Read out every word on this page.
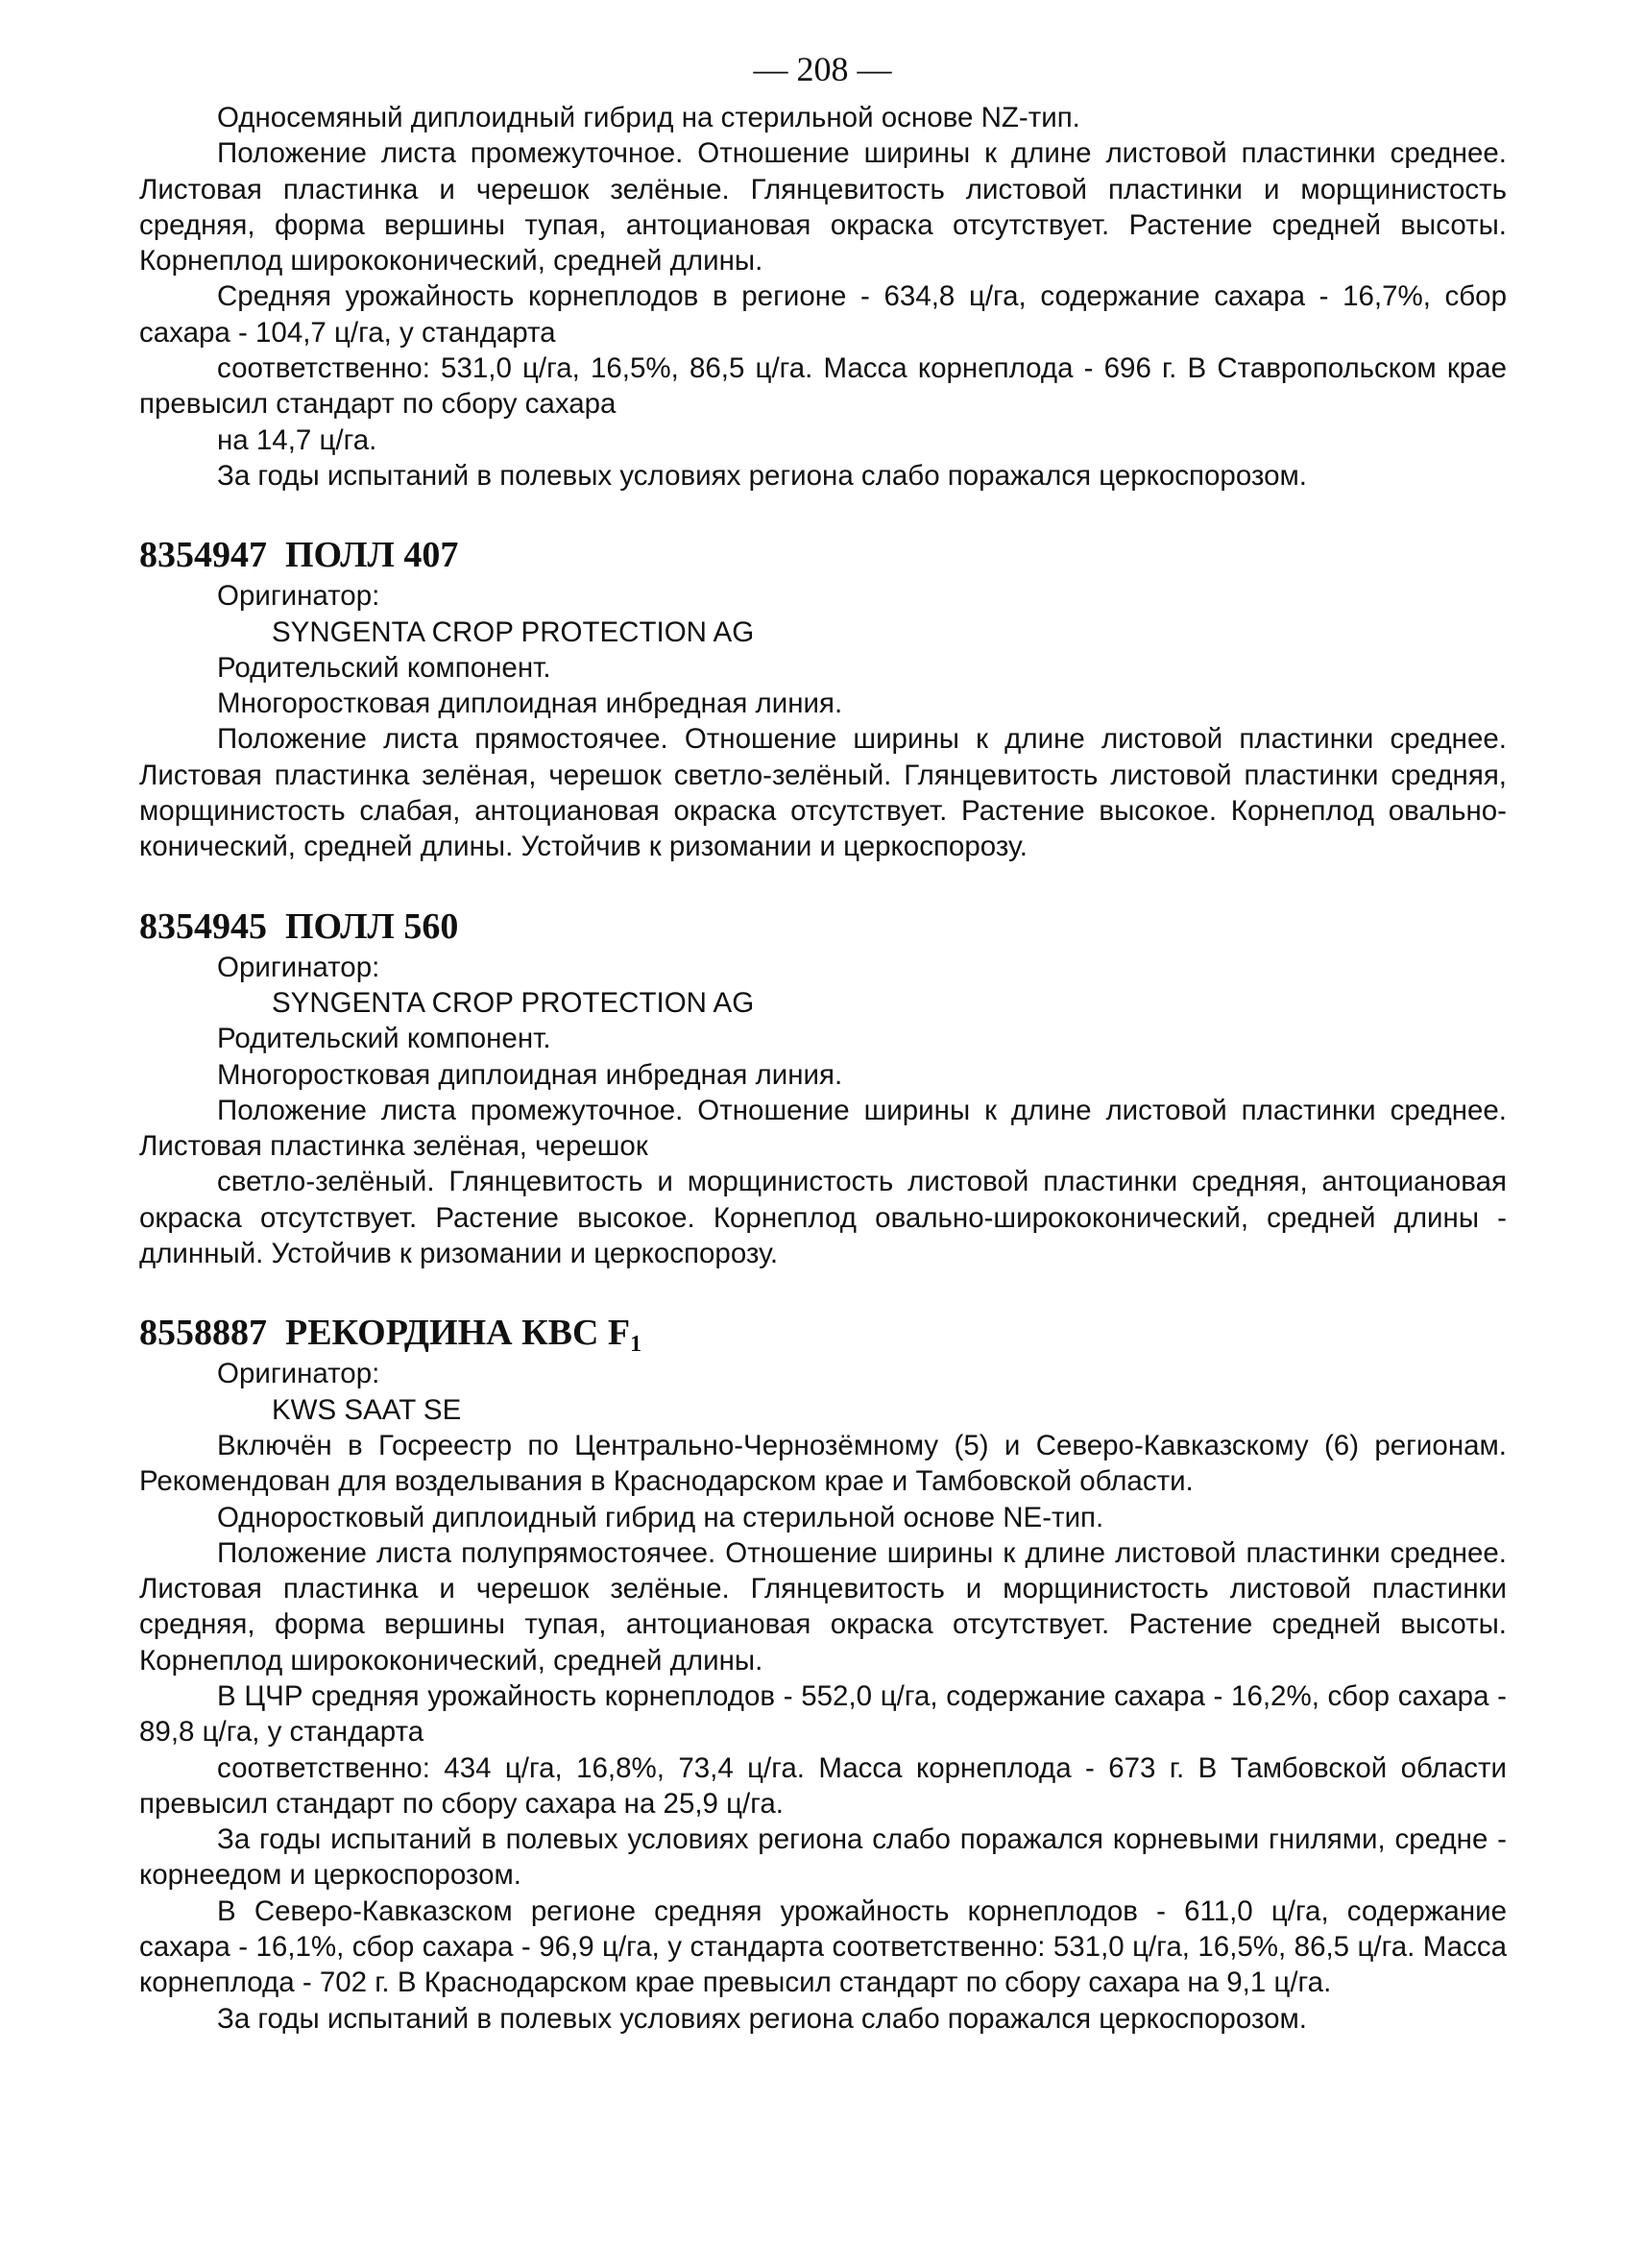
— 208 —

Односемяный диплоидный гибрид на стерильной основе NZ-тип.

Положение листа промежуточное. Отношение ширины к длине листовой пластинки среднее. Листовая пластинка и черешок зелёные. Глянцевитость листовой пластинки и морщинистость средняя, форма вершины тупая, антоциановая окраска отсутствует. Растение средней высоты. Корнеплод ширококонический, средней длины.

Средняя урожайность корнеплодов в регионе - 634,8 ц/га, содержание сахара - 16,7%, сбор сахара - 104,7 ц/га, у стандарта

соответственно: 531,0 ц/га, 16,5%, 86,5 ц/га. Масса корнеплода - 696 г. В Ставропольском крае превысил стандарт по сбору сахара

на 14,7 ц/га.

За годы испытаний в полевых условиях региона слабо поражался церкоспорозом.

8354947 ПОЛЛ 407

Оригинатор:

SYNGENTA CROP PROTECTION AG

Родительский компонент.

Многоростковая диплоидная инбредная линия.

Положение листа прямостоячее. Отношение ширины к длине листовой пластинки среднее. Листовая пластинка зелёная, черешок светло-зелёный. Глянцевитость листовой пластинки средняя, морщинистость слабая, антоциановая окраска отсутствует. Растение высокое. Корнеплод овально-конический, средней длины. Устойчив к ризомании и церкоспорозу.

8354945 ПОЛЛ 560

Оригинатор:

SYNGENTA CROP PROTECTION AG

Родительский компонент.

Многоростковая диплоидная инбредная линия.

Положение листа промежуточное. Отношение ширины к длине листовой пластинки среднее. Листовая пластинка зелёная, черешок

светло-зелёный. Глянцевитость и морщинистость листовой пластинки средняя, антоциановая окраска отсутствует. Растение высокое. Корнеплод овально-ширококонический, средней длины - длинный. Устойчив к ризомании и церкоспорозу.

8558887 РЕКОРДИНА КВС $F_1$

Оригинатор:

KWS SAAT SE

Включён в Госреестр по Центрально-Чернозёмному (5) и Северо-Кавказскому (6) регионам. Рекомендован для возделывания в Краснодарском крае и Тамбовской области.

Одноростковый диплоидный гибрид на стерильной основе NE-тип.

Положение листа полупрямостоячее. Отношение ширины к длине листовой пластинки среднее. Листовая пластинка и черешок зелёные. Глянцевитость и морщинистость листовой пластинки средняя, форма вершины тупая, антоциановая окраска отсутствует. Растение средней высоты. Корнеплод ширококонический, средней длины.

В ЦЧР средняя урожайность корнеплодов - 552,0 ц/га, содержание сахара - 16,2%, сбор сахара - 89,8 ц/га, у стандарта

соответственно: 434 ц/га, 16,8%, 73,4 ц/га. Масса корнеплода - 673 г. В Тамбовской области превысил стандарт по сбору сахара на 25,9 ц/га.

За годы испытаний в полевых условиях региона слабо поражался корневыми гнилями, средне - корнеедом и церкоспорозом.

В Северо-Кавказском регионе средняя урожайность корнеплодов - 611,0 ц/га, содержание сахара - 16,1%, сбор сахара - 96,9 ц/га, у стандарта соответственно: 531,0 ц/га, 16,5%, 86,5 ц/га. Масса корнеплода - 702 г. В Краснодарском крае превысил стандарт по сбору сахара на 9,1 ц/га.

За годы испытаний в полевых условиях региона слабо поражался церкоспорозом.
